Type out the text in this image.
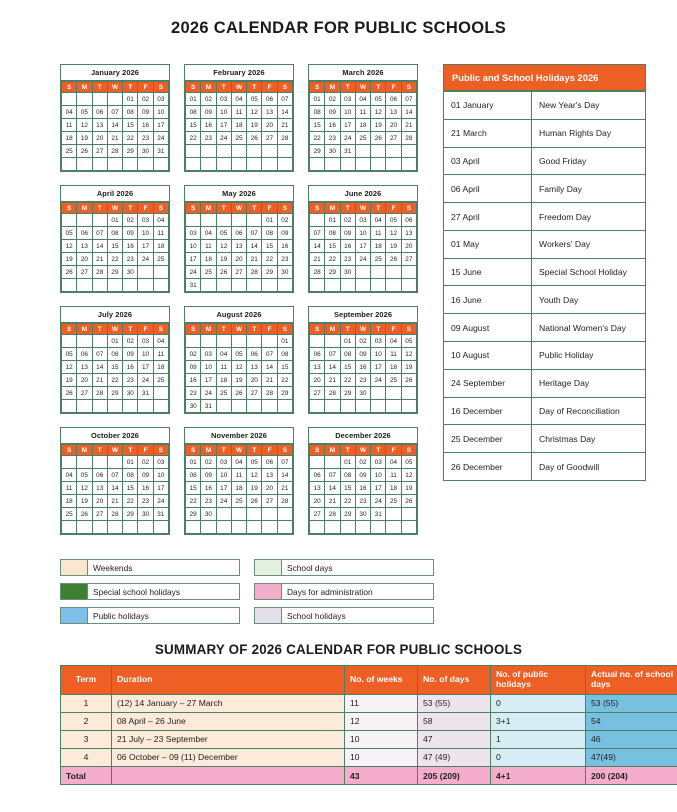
2026 CALENDAR FOR PUBLIC SCHOOLS
January 2026
S	M	T	W	T	F	S
				01	02	03
04	05	06	07	08	09	10
11	12	13	14	15	16	17
18	19	20	21	22	23	24
25	26	27	28	29	30	31

February 2026
S	M	T	W	T	F	S
01	02	03	04	05	06	07
08	09	10	11	12	13	14
15	16	17	18	19	20	21
22	23	24	25	26	27	28

March 2026
S	M	T	W	T	F	S
01	02	03	04	05	06	07
08	09	10	11	12	13	14
15	16	17	18	19	20	21
22	23	24	25	26	27	28
29	30	31				

April 2026
S	M	T	W	T	F	S
			01	02	03	04
05	06	07	08	09	10	11
12	13	14	15	16	17	18
19	20	21	22	23	24	25
26	27	28	29	30		

May 2026
S	M	T	W	T	F	S
					01	02
03	04	05	06	07	08	09
10	11	12	13	14	15	16
17	18	19	20	21	22	23
24	25	26	27	28	29	30
31						
June 2026
S	M	T	W	T	F	S
	01	02	03	04	05	06
07	08	09	10	11	12	13
14	15	16	17	18	19	20
21	22	23	24	25	26	27
28	29	30				

July 2026
S	M	T	W	T	F	S
			01	02	03	04
05	06	07	08	09	10	11
12	13	14	15	16	17	18
19	20	21	22	23	24	25
26	27	28	29	30	31	

August 2026
S	M	T	W	T	F	S
						01
02	03	04	05	06	07	08
09	10	11	12	13	14	15
16	17	18	19	20	21	22
23	24	25	26	27	28	29
30	31					
September 2026
S	M	T	W	T	F	S
		01	02	03	04	05
06	07	08	09	10	11	12
13	14	15	16	17	18	19
20	21	22	23	24	25	26
27	28	29	30			

October 2026
S	M	T	W	T	F	S
				01	02	03
04	05	06	07	08	09	10
11	12	13	14	15	16	17
18	19	20	21	22	23	24
25	26	27	28	29	30	31

November 2026
S	M	T	W	T	F	S
01	02	03	04	05	06	07
08	09	10	11	12	13	14
15	16	17	18	19	20	21
22	23	24	25	26	27	28
29	30					

December 2026
S	M	T	W	T	F	S
		01	02	03	04	05
06	07	08	09	10	11	12
13	14	15	16	17	18	19
20	21	22	23	24	25	26
27	28	29	30	31		

Public and School Holidays 2026
01 January	New Year's Day
21 March	Human Rights Day
03 April	Good Friday
06 April	Family Day
27 April	Freedom Day
01 May	Workers' Day
15 June	Special School Holiday
16 June	Youth Day
09 August	National Women's Day
10 August	Public Holiday
24 September	Heritage Day
16 December	Day of Reconciliation
25 December	Christmas Day
26 December	Day of Goodwill
Weekends	School days
Special school holidays	Days for administration
Public holidays	School holidays
SUMMARY OF 2026 CALENDAR FOR PUBLIC SCHOOLS
Term	Duration	No. of weeks	No. of days	No. of public holidays	Actual no. of school days
1	(12) 14 January – 27 March	11	53 (55)	0	53 (55)
2	08 April – 26 June	12	58	3+1	54
3	21 July – 23 September	10	47	1	46
4	06 October – 09 (11) December	10	47 (49)	0	47(49)
Total		43	205 (209)	4+1	200 (204)
